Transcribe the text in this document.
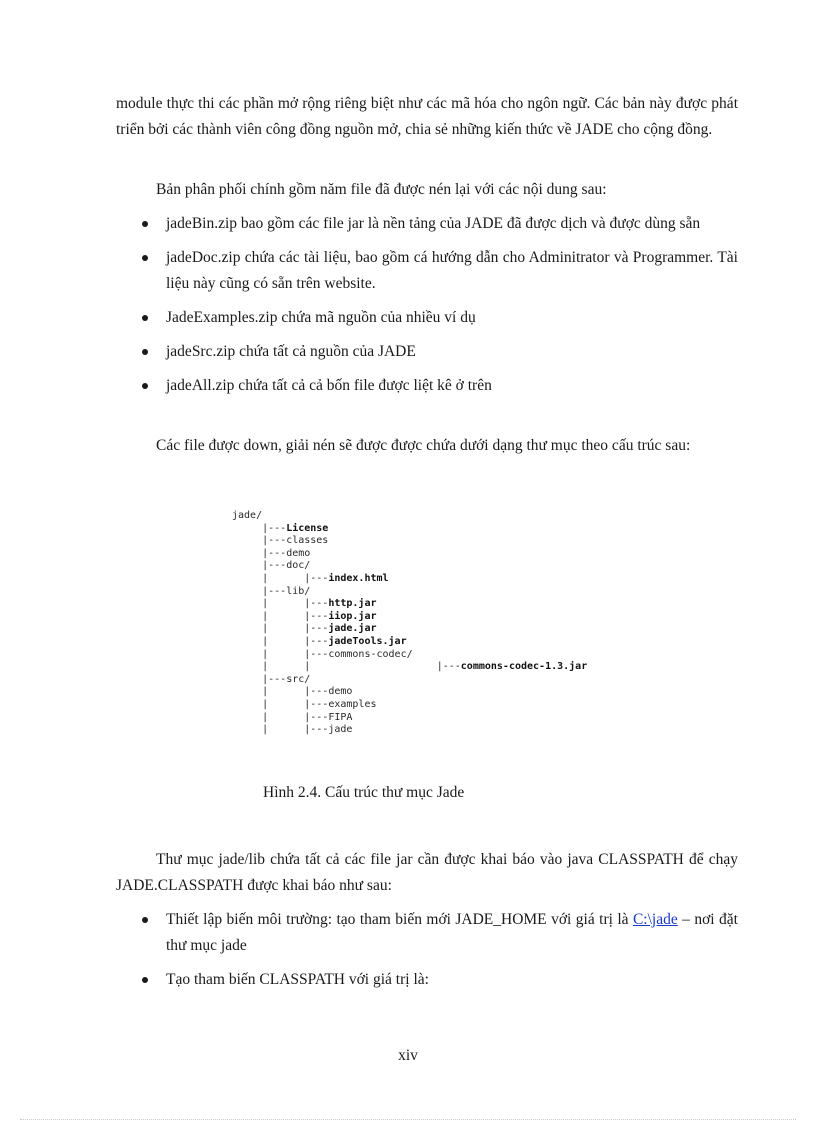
module thực thi các phần mở rộng riêng biệt như các mã hóa cho ngôn ngữ. Các bản này được phát triển bởi các thành viên công đồng nguồn mở, chia sẻ những kiến thức về JADE cho cộng đồng.

Bản phân phối chính gồm năm file đã được nén lại với các nội dung sau:

jadeBin.zip bao gồm các file jar là nền tảng của JADE đã được dịch và được dùng sẵn
jadeDoc.zip chứa các tài liệu, bao gồm cá hướng dẫn cho Adminitrator và Programmer. Tài liệu này cũng có sẵn trên website.
JadeExamples.zip chứa mã nguồn của nhiều ví dụ
jadeSrc.zip chứa tất cả nguồn của JADE
jadeAll.zip chứa tất cả cả bốn file được liệt kê ở trên

Các file được down, giải nén sẽ được được chứa dưới dạng thư mục theo cấu trúc sau:

jade/
|---License
|---classes
|---demo
|---doc/
|      |---index.html
|---lib/
|      |---http.jar
|      |---iiop.jar
|      |---jade.jar
|      |---jadeTools.jar
|      |---commons-codec/
|      |                     |---commons-codec-1.3.jar
|---src/
|      |---demo
|      |---examples
|      |---FIPA
|      |---jade

Hình 2.4. Cấu trúc thư mục Jade

Thư mục jade/lib chứa tất cả các file jar cần được khai báo vào java CLASSPATH để chạy JADE.CLASSPATH được khai báo như sau:

Thiết lập biến môi trường: tạo tham biến mới JADE_HOME với giá trị là C:\jade – nơi đặt thư mục jade
Tạo tham biến CLASSPATH với giá trị là:
xiv
